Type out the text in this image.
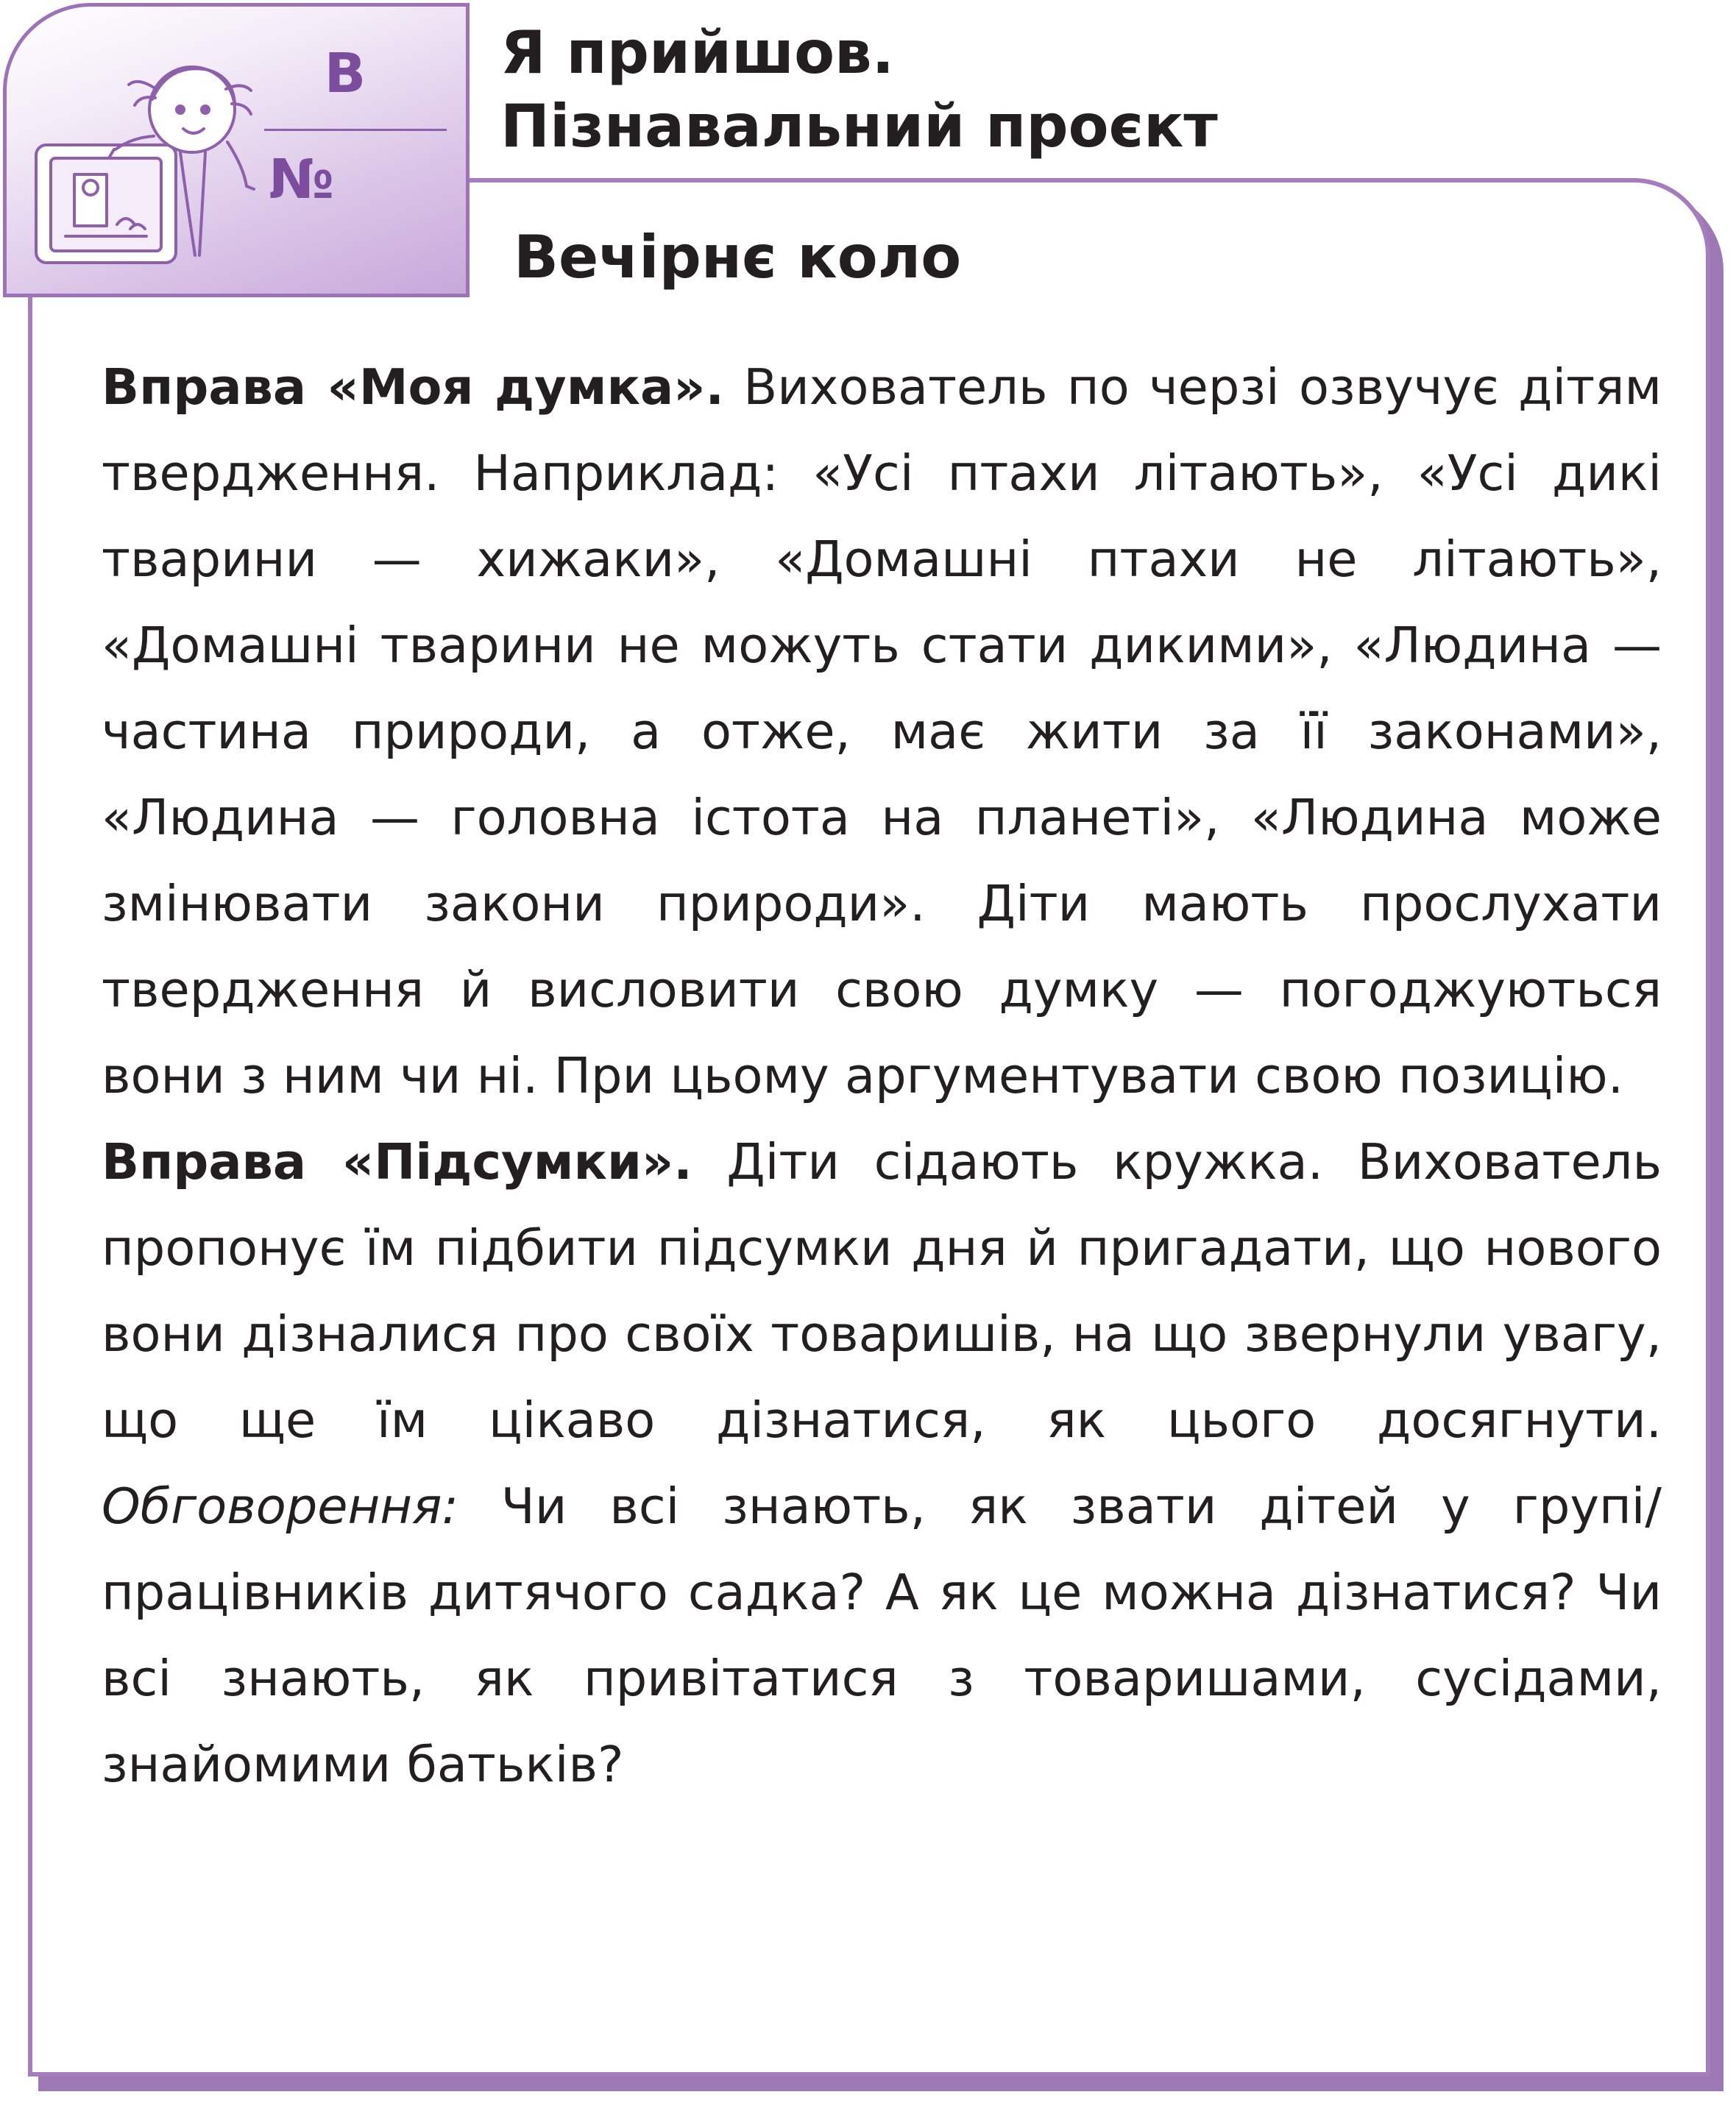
В
№
Я прийшов.
Пізнавальний проєкт
Вечірнє коло
Вправа «Моя думка». Вихователь по черзі озвучує дітям твердження. Наприклад: «Усі птахи літають», «Усі дикі тварини — хижаки», «Домашні птахи не літають», «Домашні тварини не можуть стати дикими», «Людина — частина природи, а отже, має жити за її законами», «Людина — головна істота на планеті», «Людина може змінювати закони природи». Діти мають прослухати твердження й висловити свою думку — погоджуються вони з ним чи ні. При цьому аргументувати свою позицію.
Вправа «Підсумки». Діти сідають кружка. Вихователь пропонує їм підбити підсумки дня й пригадати, що нового вони дізналися про своїх товаришів, на що звернули увагу, що ще їм цікаво дізнатися, як цього досягнути. Обговорення: Чи всі знають, як звати дітей у групі/працівників дитячого садка? А як це можна дізнатися? Чи всі знають, як привітатися з товаришами, сусідами, знайомими батьків?
